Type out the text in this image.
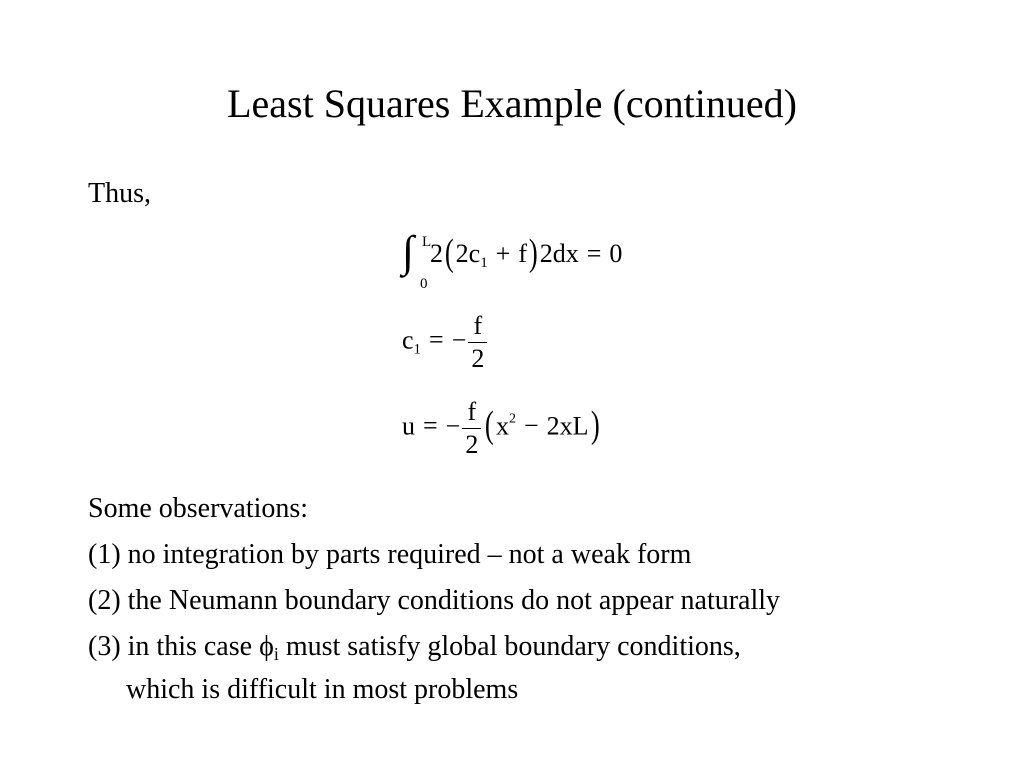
Least Squares Example (continued)
Thus,
∫ L
0
$2(2c_1 + f)2dx = 0$
$c_1$ = − $\frac{f}{2}$
u = − $\frac{f}{2} (x^2 - 2xL)$
Some observations:
(1) no integration by parts required – not a weak form
(2) the Neumann boundary conditions do not appear naturally
(3) in this case $\phi_i$ must satisfy global boundary conditions,
which is difficult in most problems
